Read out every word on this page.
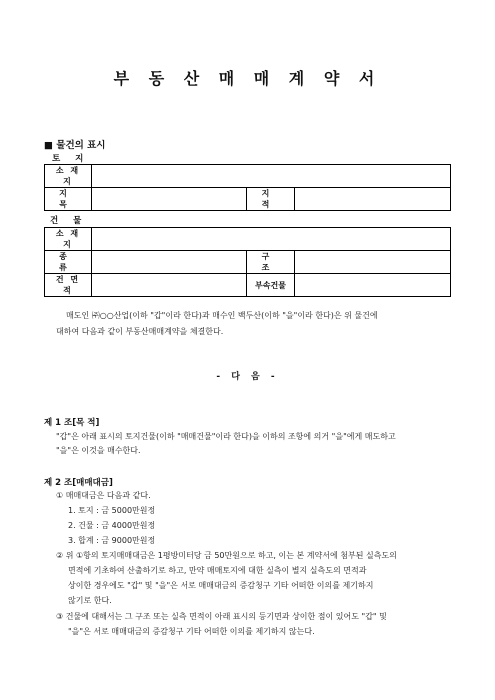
부 동 산 매 매 계 약 서
■ 물건의 표시
토 지
소 재 지			
지 목		지 적	
건 물
소 재 지			
종 류		구 조	
건 면 적		부속건물	
매도인 ㈜○○산업(이하 "갑"이라 한다)과 매수인 백두산(이하 "을"이라 한다)은 위 물건에
대하여 다음과 같이 부동산매매계약을 체결한다.
- 다 음 -
제 1 조[목 적]
"갑"은 아래 표시의 토지건물(이하 "매매건물"이라 한다)을 이하의 조항에 의거 "을"에게 매도하고
"을"은 이것을 매수한다.
제 2 조[매매대금]
① 매매대금은 다음과 같다.
1. 토지 : 금 5000만원정
2. 건물 : 금 4000만원정
3. 합계 : 금 9000만원정
② 위 ①항의 토지매매대금은 1평방미터당 금 50만원으로 하고, 이는 본 계약서에 첨부된 실측도의
면적에 기초하여 산출하기로 하고, 만약 매매토지에 대한 실측이 별지 실측도의 면적과
상이한 경우에도 "갑" 및 "을"은 서로 매매대금의 증감청구 기타 어떠한 이의를 제기하지
않기로 한다.
③ 건물에 대해서는 그 구조 또는 실측 면적이 아래 표시의 등기면과 상이한 점이 있어도 "갑" 및
"을"은 서로 매매대금의 증감청구 기타 어떠한 이의를 제기하지 않는다.
